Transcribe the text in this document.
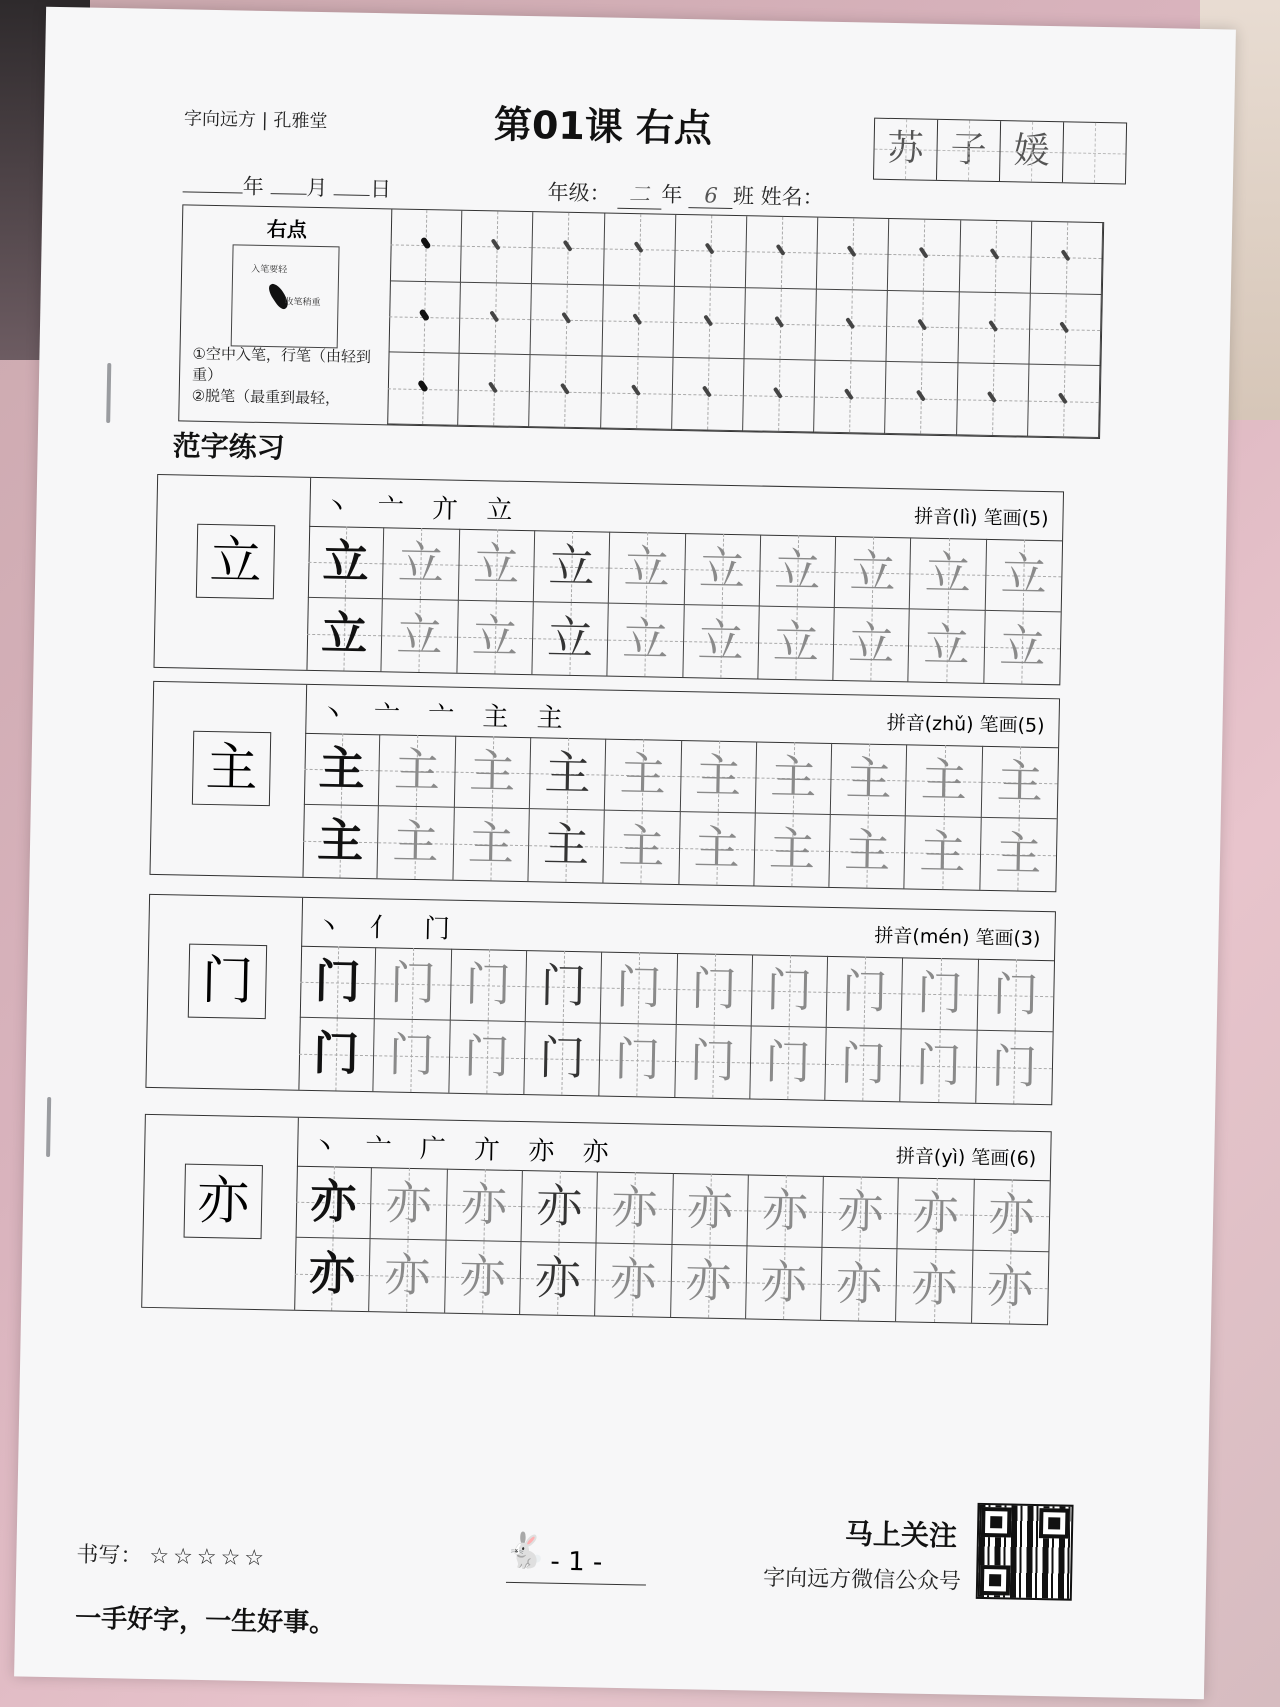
字向远方 | 孔雅堂	第01课 右点	苏 子 媛
年 月 日	年级： 二 年 6 班 姓名：
右点
入笔要轻
收笔稍重
①空中入笔，行笔（由轻到重）
②脱笔（最重到最轻，
范字练习
立
丶 亠 亣 立	拼音(lì) 笔画(5)
立 立 立 立 立 立 立 立 立 立
立 立 立 立 立 立 立 立 立 立
主
丶 亠 亠 主 主	拼音(zhǔ) 笔画(5)
主 主 主 主 主 主 主 主 主 主
主 主 主 主 主 主 主 主 主 主
门
丶 亻 门	拼音(mén) 笔画(3)
门 门 门 门 门 门 门 门 门 门
门 门 门 门 门 门 门 门 门 门
亦
丶 亠 广 亣 亦 亦	拼音(yì) 笔画(6)
亦 亦 亦 亦 亦 亦 亦 亦 亦 亦
亦 亦 亦 亦 亦 亦 亦 亦 亦 亦
书写： ☆☆☆☆☆	🐇 - 1 -
马上关注
字向远方微信公众号
一手好字，一生好事。
